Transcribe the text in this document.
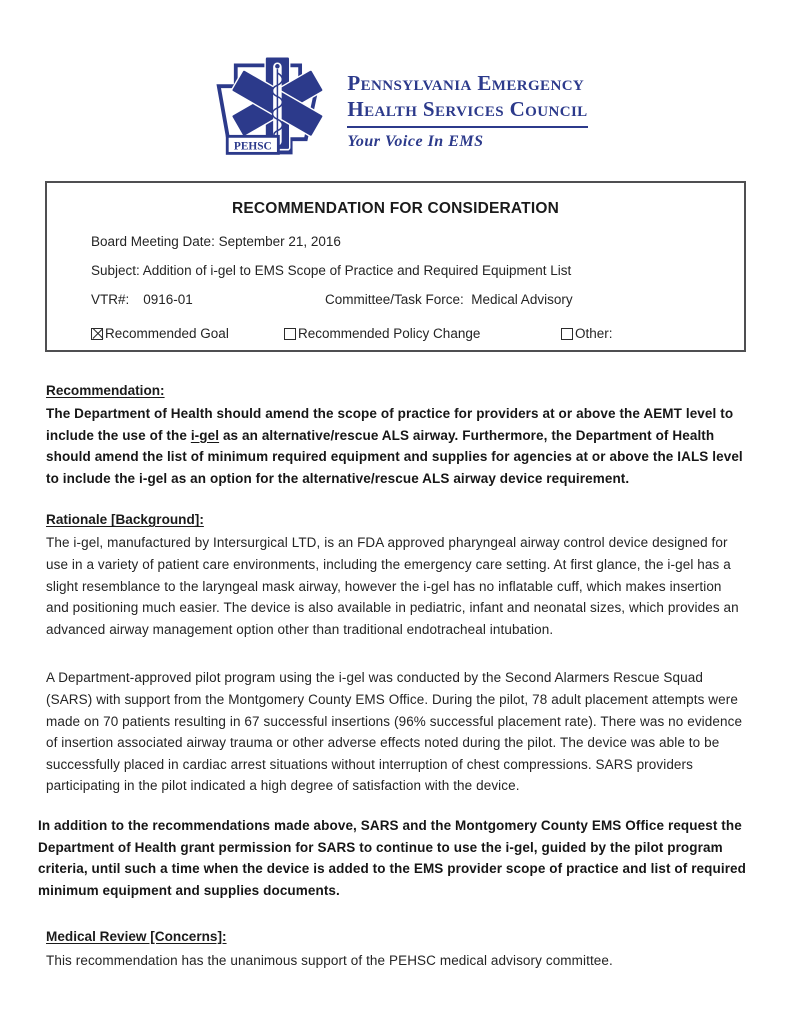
PEHSC
Pennsylvania Emergency
Health Services Council
Your Voice In EMS
RECOMMENDATION FOR CONSIDERATION

Board Meeting Date: September 21, 2016

Subject: Addition of i-gel to EMS Scope of Practice and Required Equipment List

VTR#: 0916-01	Committee/Task Force:  Medical Advisory

Recommended Goal	Recommended Policy Change	Other:
Recommendation:

The Department of Health should amend the scope of practice for providers at or above the AEMT level to include the use of the i-gel as an alternative/rescue ALS airway. Furthermore, the Department of Health should amend the list of minimum required equipment and supplies for agencies at or above the IALS level to include the i-gel as an option for the alternative/rescue ALS airway device requirement.

Rationale [Background]:

The i-gel, manufactured by Intersurgical LTD, is an FDA approved pharyngeal airway control device designed for use in a variety of patient care environments, including the emergency care setting. At first glance, the i-gel has a slight resemblance to the laryngeal mask airway, however the i-gel has no inflatable cuff, which makes insertion and positioning much easier. The device is also available in pediatric, infant and neonatal sizes, which provides an advanced airway management option other than traditional endotracheal intubation.

A Department-approved pilot program using the i-gel was conducted by the Second Alarmers Rescue Squad (SARS) with support from the Montgomery County EMS Office. During the pilot, 78 adult placement attempts were made on 70 patients resulting in 67 successful insertions (96% successful placement rate). There was no evidence of insertion associated airway trauma or other adverse effects noted during the pilot. The device was able to be successfully placed in cardiac arrest situations without interruption of chest compressions. SARS providers participating in the pilot indicated a high degree of satisfaction with the device.

In addition to the recommendations made above, SARS and the Montgomery County EMS Office request the Department of Health grant permission for SARS to continue to use the i-gel, guided by the pilot program criteria, until such a time when the device is added to the EMS provider scope of practice and list of required minimum equipment and supplies documents.

Medical Review [Concerns]:

This recommendation has the unanimous support of the PEHSC medical advisory committee.
